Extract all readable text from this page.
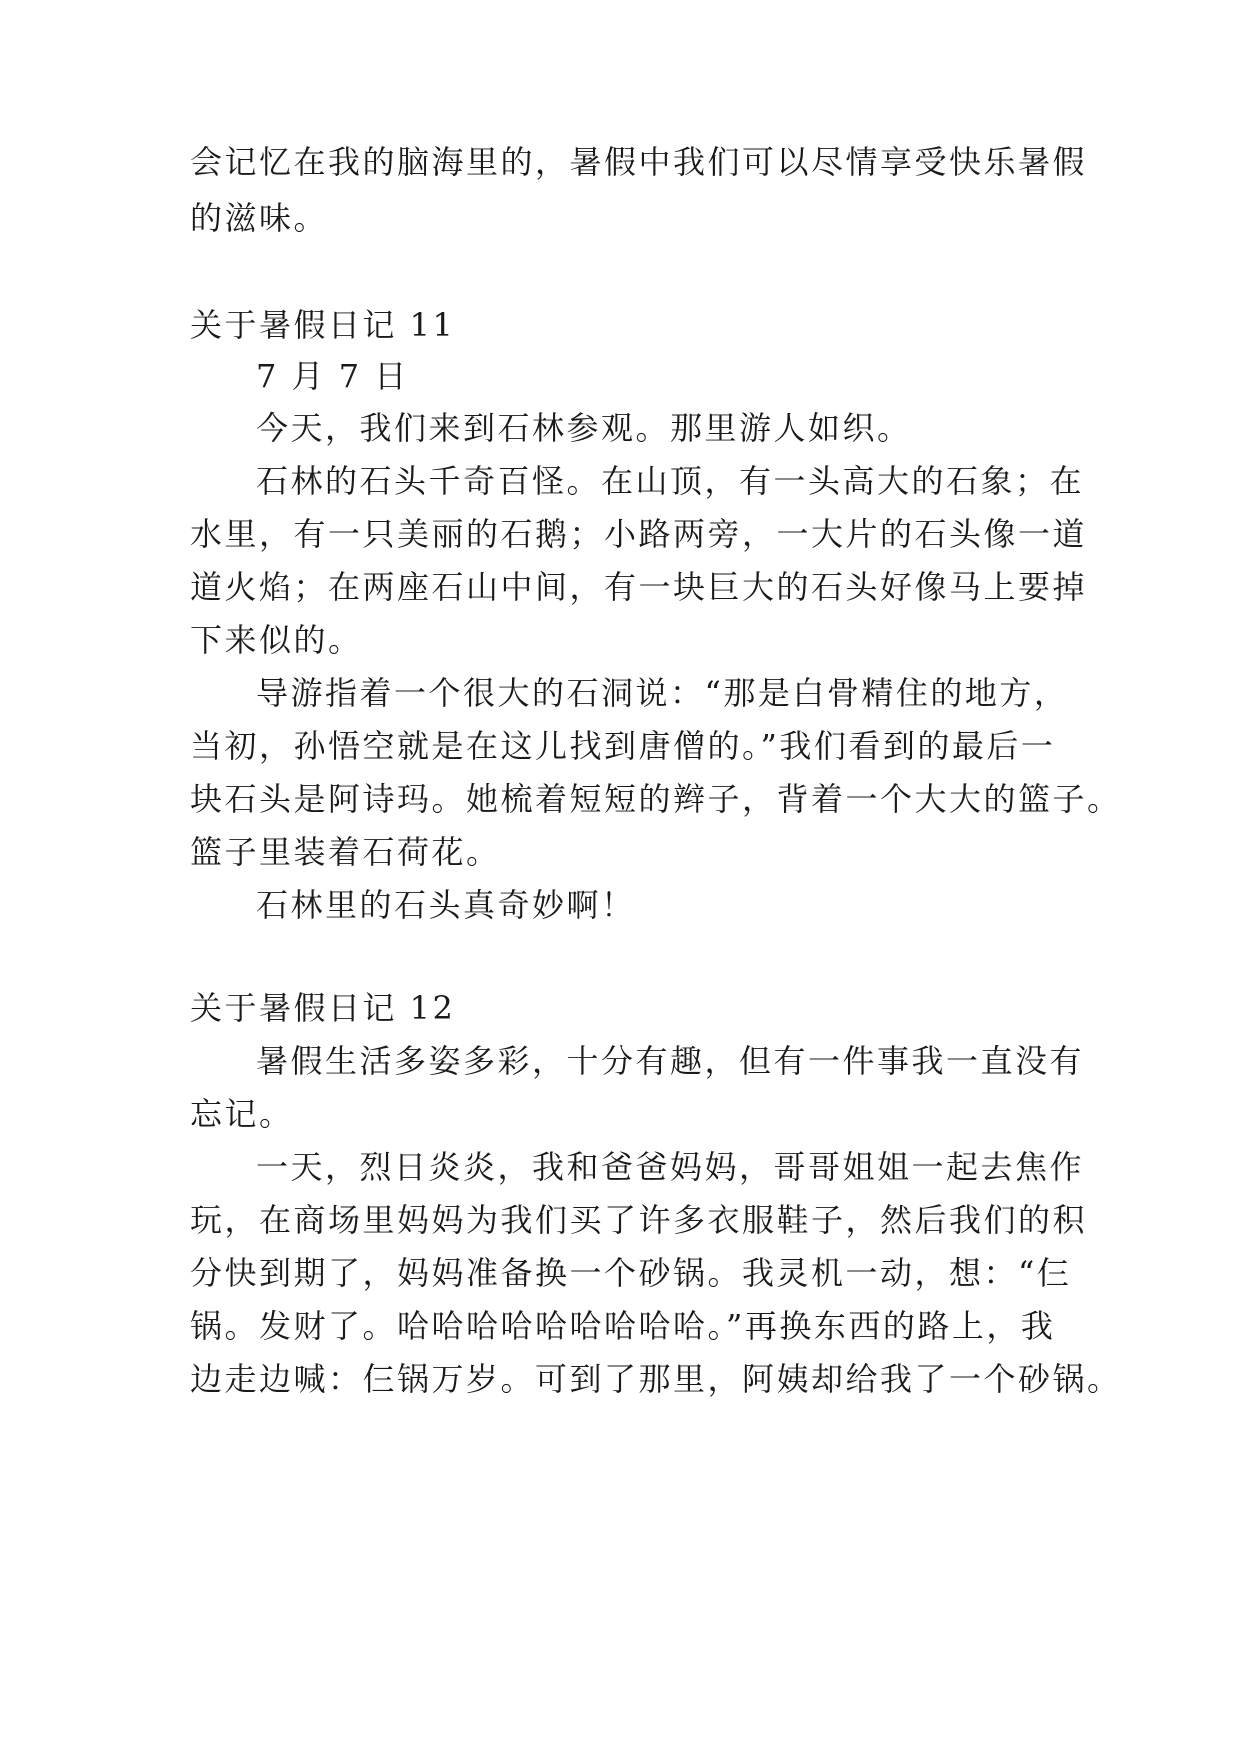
会记忆在我的脑海里的，暑假中我们可以尽情享受快乐暑假
的滋味。
关于暑假日记 11
7 月 7 日
今天，我们来到石林参观。那里游人如织。
石林的石头千奇百怪。在山顶，有一头高大的石象；在
水里，有一只美丽的石鹅；小路两旁，一大片的石头像一道
道火焰；在两座石山中间，有一块巨大的石头好像马上要掉
下来似的。
导游指着一个很大的石洞说：“那是白骨精住的地方，
当初，孙悟空就是在这儿找到唐僧的。”我们看到的最后一
块石头是阿诗玛。她梳着短短的辫子，背着一个大大的篮子。
篮子里装着石荷花。
石林里的石头真奇妙啊！
关于暑假日记 12
暑假生活多姿多彩，十分有趣，但有一件事我一直没有
忘记。
一天，烈日炎炎，我和爸爸妈妈，哥哥姐姐一起去焦作
玩，在商场里妈妈为我们买了许多衣服鞋子，然后我们的积
分快到期了，妈妈准备换一个砂锅。我灵机一动，想：“仨
锅。发财了。哈哈哈哈哈哈哈哈哈。”再换东西的路上，我
边走边喊：仨锅万岁。可到了那里，阿姨却给我了一个砂锅。
